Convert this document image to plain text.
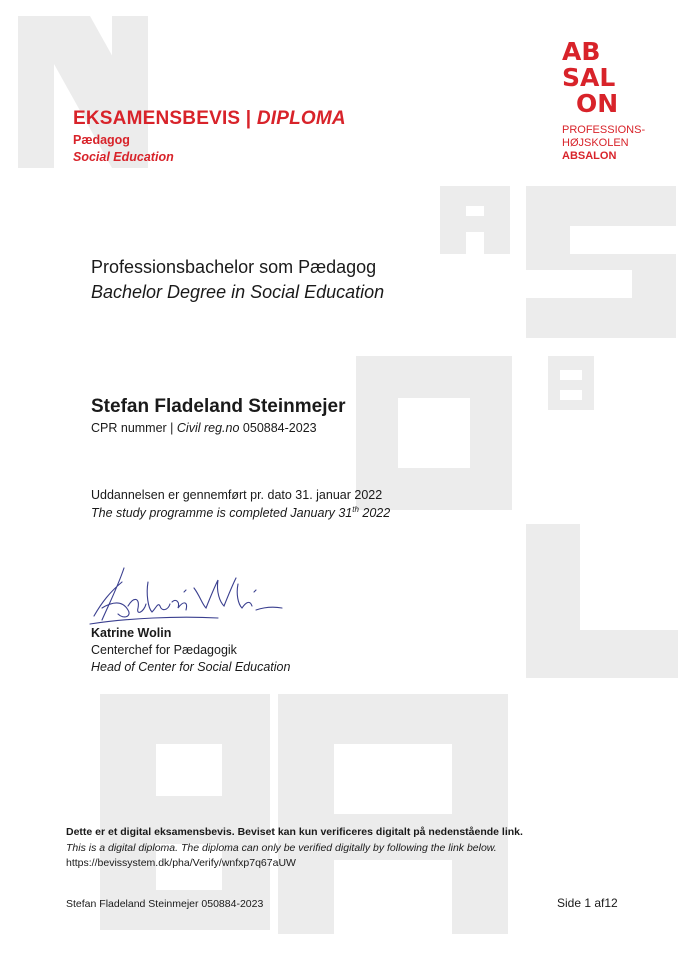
EKSAMENSBEVIS | DIPLOMA
Pædagog
Social Education
AB
SAL
ON
PROFESSIONS-
HØJSKOLEN
ABSALON
Professionsbachelor som Pædagog
Bachelor Degree in Social Education
Stefan Fladeland Steinmejer
CPR nummer | Civil reg.no 050884-2023
Uddannelsen er gennemført pr. dato 31. januar 2022
The study programme is completed January 31th 2022
Katrine Wolin
Centerchef for Pædagogik
Head of Center for Social Education
Dette er et digital eksamensbevis. Beviset kan kun verificeres digitalt på nedenstående link.
This is a digital diploma. The diploma can only be verified digitally by following the link below.
https://bevissystem.dk/pha/Verify/wnfxp7q67aUW
Stefan Fladeland Steinmejer 050884-2023	Side 1 af12
